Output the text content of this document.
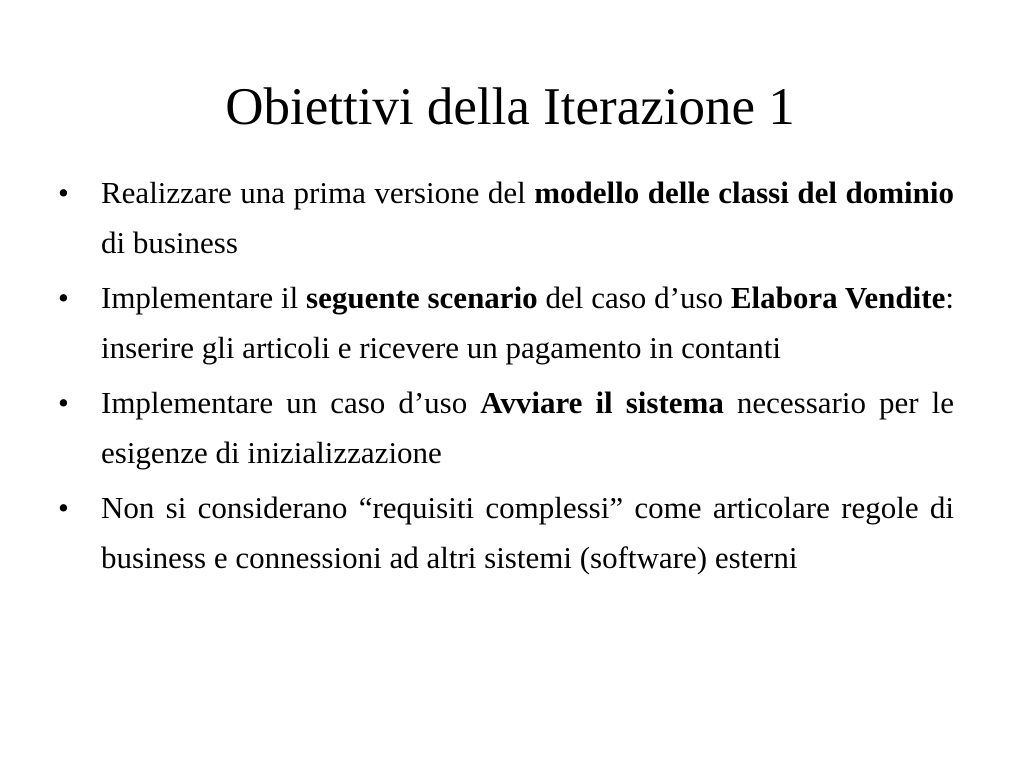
Obiettivi della Iterazione 1
•	Realizzare una prima versione del modello delle classi del dominio di business
•	Implementare il seguente scenario del caso d’uso Elabora Vendite: inserire gli articoli e ricevere un pagamento in contanti
•	Implementare un caso d’uso Avviare il sistema necessario per le esigenze di inizializzazione
•	Non si considerano “requisiti complessi” come articolare regole di business e connessioni ad altri sistemi (software) esterni
